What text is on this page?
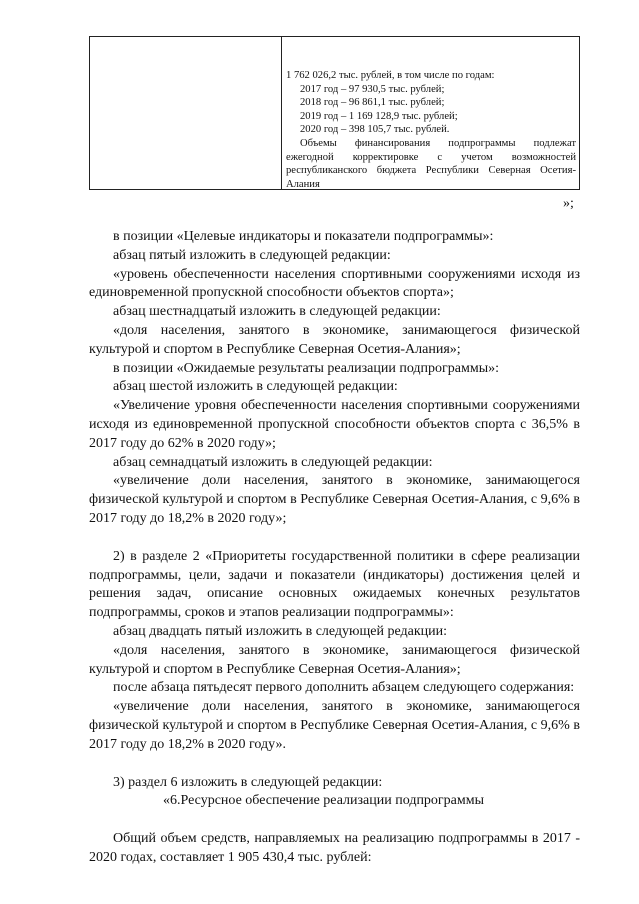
1 762 026,2 тыс. рублей, в том числе по годам:
2017 год – 97 930,5 тыс. рублей;
2018 год – 96 861,1 тыс. рублей;
2019 год – 1 169 128,9 тыс. рублей;
2020 год – 398 105,7 тыс. рублей.
Объемы финансирования подпрограммы подлежат ежегодной корректировке с учетом возможностей республиканского бюджета Республики Северная Осетия-Алания
»;

в позиции «Целевые индикаторы и показатели подпрограммы»:

абзац пятый изложить в следующей редакции:

«уровень обеспеченности населения спортивными сооружениями исходя из единовременной пропускной способности объектов спорта»;

абзац шестнадцатый изложить в следующей редакции:

«доля населения, занятого в экономике, занимающегося физической культурой и спортом в Республике Северная Осетия-Алания»;

в позиции «Ожидаемые результаты реализации подпрограммы»:

абзац шестой изложить в следующей редакции:

«Увеличение уровня обеспеченности населения спортивными сооружениями исходя из единовременной пропускной способности объектов спорта с 36,5% в 2017 году до 62% в 2020 году»;

абзац семнадцатый изложить в следующей редакции:

«увеличение доли населения, занятого в экономике, занимающегося физической культурой и спортом в Республике Северная Осетия-Алания, с 9,6% в 2017 году до 18,2% в 2020 году»;

2) в разделе 2 «Приоритеты государственной политики в сфере реализации подпрограммы, цели, задачи и показатели (индикаторы) достижения целей и решения задач, описание основных ожидаемых конечных результатов подпрограммы, сроков и этапов реализации подпрограммы»:

абзац двадцать пятый изложить в следующей редакции:

«доля населения, занятого в экономике, занимающегося физической культурой и спортом в Республике Северная Осетия-Алания»;

после абзаца пятьдесят первого дополнить абзацем следующего содержания:

«увеличение доли населения, занятого в экономике, занимающегося физической культурой и спортом в Республике Северная Осетия-Алания, с 9,6% в 2017 году до 18,2% в 2020 году».

3) раздел 6 изложить в следующей редакции:

«6.Ресурсное обеспечение реализации подпрограммы

Общий объем средств, направляемых на реализацию подпрограммы в 2017 - 2020 годах, составляет 1 905 430,4 тыс. рублей:
